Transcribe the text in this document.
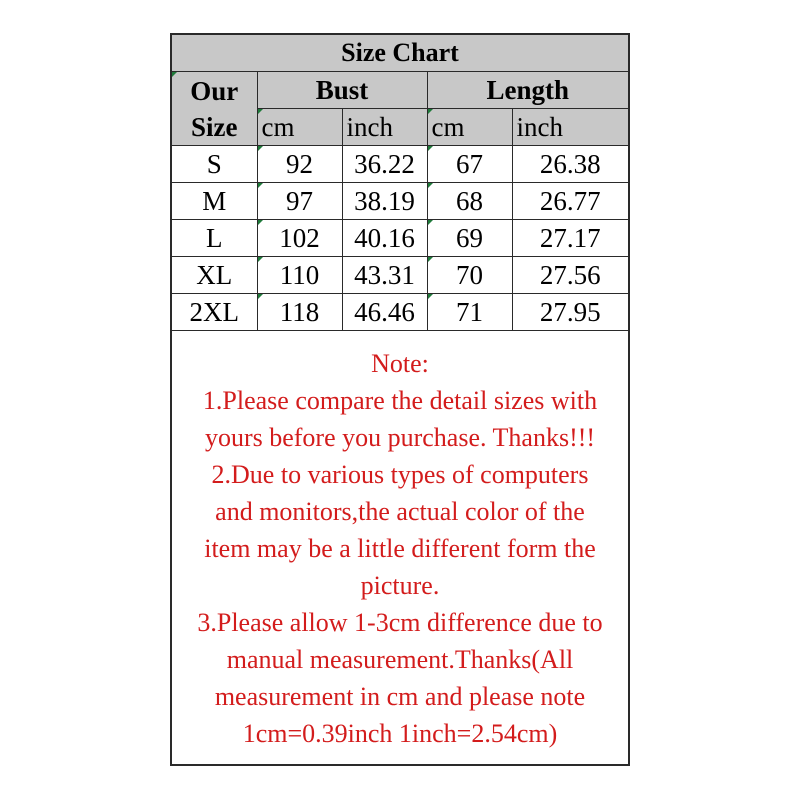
Size Chart				

Our
Size	Bust		Length	
	cm	inch	cm	inch
S	92	36.22	67	26.38
M	97	38.19	68	26.77
L	102	40.16	69	27.17
XL	110	43.31	70	27.56
2XL	118	46.46	71	27.95
Note:
1.Please compare the detail sizes with
yours before you purchase. Thanks!!!
2.Due to various types of computers
and monitors,the actual color of the
item may be a little different form the
picture.
3.Please allow 1-3cm difference due to
manual measurement.Thanks(All
measurement in cm and please note
1cm=0.39inch 1inch=2.54cm)
